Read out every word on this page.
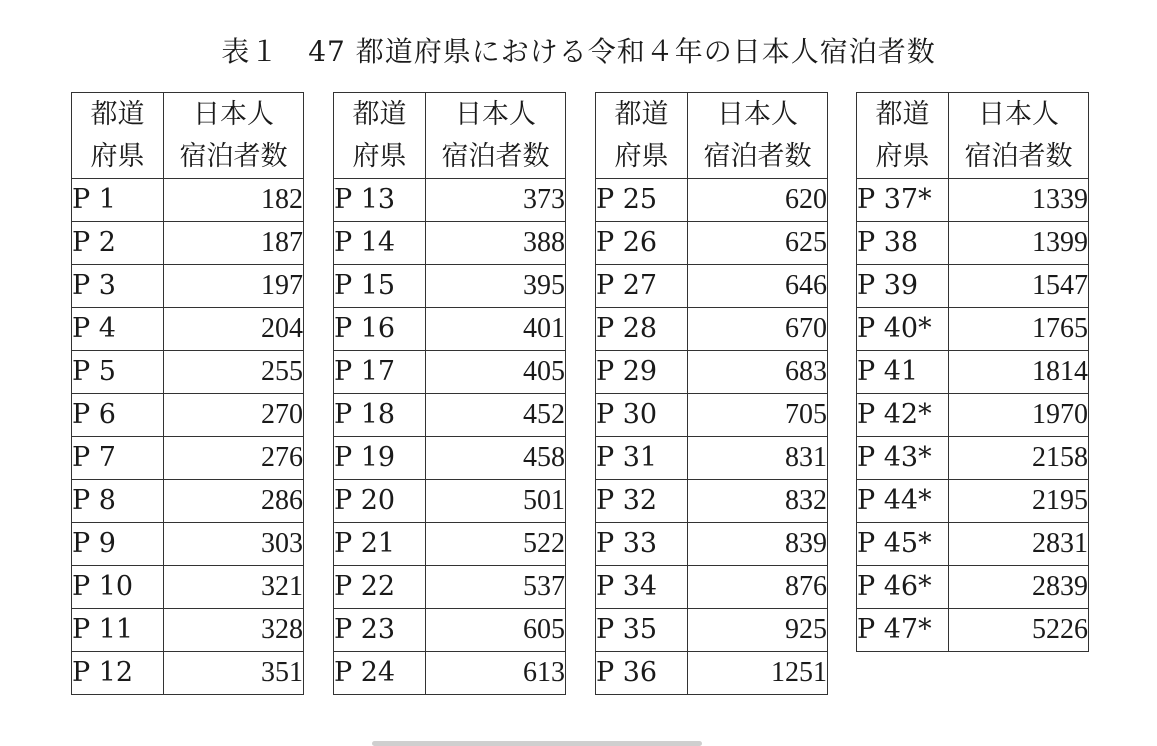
表１　47 都道府県における令和４年の日本人宿泊者数
都道
府県	日本人
宿泊者数
P 1	182
P 2	187
P 3	197
P 4	204
P 5	255
P 6	270
P 7	276
P 8	286
P 9	303
P 10	321
P 11	328
P 12	351
都道
府県	日本人
宿泊者数
P 13	373
P 14	388
P 15	395
P 16	401
P 17	405
P 18	452
P 19	458
P 20	501
P 21	522
P 22	537
P 23	605
P 24	613
都道
府県	日本人
宿泊者数
P 25	620
P 26	625
P 27	646
P 28	670
P 29	683
P 30	705
P 31	831
P 32	832
P 33	839
P 34	876
P 35	925
P 36	1251
都道
府県	日本人
宿泊者数
P 37*	1339
P 38	1399
P 39	1547
P 40*	1765
P 41	1814
P 42*	1970
P 43*	2158
P 44*	2195
P 45*	2831
P 46*	2839
P 47*	5226
